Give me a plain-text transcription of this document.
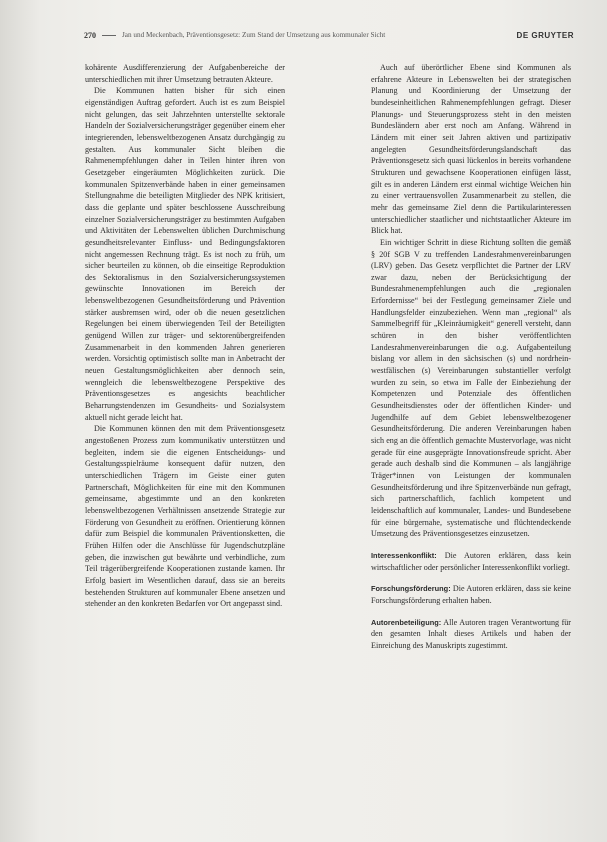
270	Jan und Meckenbach, Präventionsgesetz: Zum Stand der Umsetzung aus kommunaler Sicht	DE GRUYTER

kohärente Ausdifferenzierung der Aufgabenbereiche der unterschiedlichen mit ihrer Umsetzung betrauten Akteure.

Die Kommunen hatten bisher für sich einen eigenständigen Auftrag gefordert. Auch ist es zum Beispiel nicht gelungen, das seit Jahrzehnten unterstellte sektorale Handeln der Sozialversicherungsträger gegenüber einem eher integrierenden, lebensweltbezogenen Ansatz durchgängig zu gestalten. Aus kommunaler Sicht bleiben die Rahmenempfehlungen daher in Teilen hinter ihren von Gesetzgeber eingeräumten Möglichkeiten zurück. Die kommunalen Spitzenverbände haben in einer gemeinsamen Stellungnahme die beteiligten Mitglieder des NPK kritisiert, dass die geplante und später beschlossene Ausschreibung einzelner Sozialversicherungsträger zu bestimmten Aufgaben und Aktivitäten der Lebenswelten üblichen Durchmischung gesundheitsrelevanter Einfluss- und Bedingungsfaktoren nicht angemessen Rechnung trägt. Es ist noch zu früh, um sicher beurteilen zu können, ob die einseitige Reproduktion des Sektoralismus in den Sozialversicherungssystemen gewünschte Innovationen im Bereich der lebensweltbezogenen Gesundheitsförderung und Prävention stärker ausbremsen wird, oder ob die neuen gesetzlichen Regelungen bei einem überwiegenden Teil der Beteiligten genügend Willen zur träger- und sektorenübergreifenden Zusammenarbeit in den kommenden Jahren generieren werden. Vorsichtig optimistisch sollte man in Anbetracht der neuen Gestaltungsmöglichkeiten aber dennoch sein, wenngleich die lebensweltbezogene Perspektive des Präventionsgesetzes es angesichts beachtlicher Beharrungstendenzen im Gesundheits- und Sozialsystem aktuell nicht gerade leicht hat.

Die Kommunen können den mit dem Präventionsgesetz angestoßenen Prozess zum kommunikativ unterstützen und begleiten, indem sie die eigenen Entscheidungs- und Gestaltungsspielräume konsequent dafür nutzen, den unterschiedlichen Trägern im Geiste einer guten Partnerschaft, Möglichkeiten für eine mit den Kommunen gemeinsame, abgestimmte und an den konkreten lebensweltbezogenen Verhältnissen ansetzende Strategie zur Förderung von Gesundheit zu eröffnen. Orientierung können dafür zum Beispiel die kommunalen Präventionsketten, die Frühen Hilfen oder die Anschlüsse für Jugendschutzpläne geben, die inzwischen gut bewährte und verbindliche, zum Teil trägerübergreifende Kooperationen zustande kamen. Ihr Erfolg basiert im Wesentlichen darauf, dass sie an bereits bestehenden Strukturen auf kommunaler Ebene ansetzen und stehender an den konkreten Bedarfen vor Ort angepasst sind.

Auch auf überörtlicher Ebene sind Kommunen als erfahrene Akteure in Lebenswelten bei der strategischen Planung und Koordinierung der Umsetzung der bundeseinheitlichen Rahmenempfehlungen gefragt. Dieser Planungs- und Steuerungsprozess steht in den meisten Bundesländern aber erst noch am Anfang. Während in Ländern mit einer seit Jahren aktiven und partizipativ angelegten Gesundheitsförderungslandschaft das Präventionsgesetz sich quasi lückenlos in bereits vorhandene Strukturen und gewachsene Kooperationen einfügen lässt, gilt es in anderen Ländern erst einmal wichtige Weichen hin zu einer vertrauensvollen Zusammenarbeit zu stellen, die mehr das gemeinsame Ziel denn die Partikularinteressen unterschiedlicher staatlicher und nichtstaatlicher Akteure im Blick hat.

Ein wichtiger Schritt in diese Richtung sollten die gemäß § 20f SGB V zu treffenden Landesrahmenvereinbarungen (LRV) geben. Das Gesetz verpflichtet die Partner der LRV zwar dazu, neben der Berücksichtigung der Bundesrahmenempfehlungen auch die „regionalen Erfordernisse“ bei der Festlegung gemeinsamer Ziele und Handlungsfelder einzubeziehen. Wenn man „regional“ als Sammelbegriff für „Kleinräumigkeit“ generell versteht, dann schüren in den bisher veröffentlichten Landesrahmenvereinbarungen die o.g. Aufgabenteilung bislang vor allem in den sächsischen (s) und nordrhein-westfälischen (s) Vereinbarungen substantieller verfolgt wurden zu sein, so etwa im Falle der Einbeziehung der Kompetenzen und Potenziale des öffentlichen Gesundheitsdienstes oder der öffentlichen Kinder- und Jugendhilfe auf dem Gebiet lebensweltbezogener Gesundheitsförderung. Die anderen Vereinbarungen haben sich eng an die öffentlich gemachte Mustervorlage, was nicht gerade für eine ausgeprägte Innovationsfreude spricht. Aber gerade auch deshalb sind die Kommunen – als langjährige Träger*innen von Leistungen der kommunalen Gesundheitsförderung und ihre Spitzenverbände nun gefragt, sich partnerschaftlich, fachlich kompetent und leidenschaftlich auf kommunaler, Landes- und Bundesebene für eine bürgernahe, systematische und flüchtendeckende Umsetzung des Präventionsgesetzes einzusetzen.

Interessenkonflikt: Die Autoren erklären, dass kein wirtschaftlicher oder persönlicher Interessenkonflikt vorliegt.

Forschungsförderung: Die Autoren erklären, dass sie keine Forschungsförderung erhalten haben.

Autorenbeteiligung: Alle Autoren tragen Verantwortung für den gesamten Inhalt dieses Artikels und haben der Einreichung des Manuskripts zugestimmt.
